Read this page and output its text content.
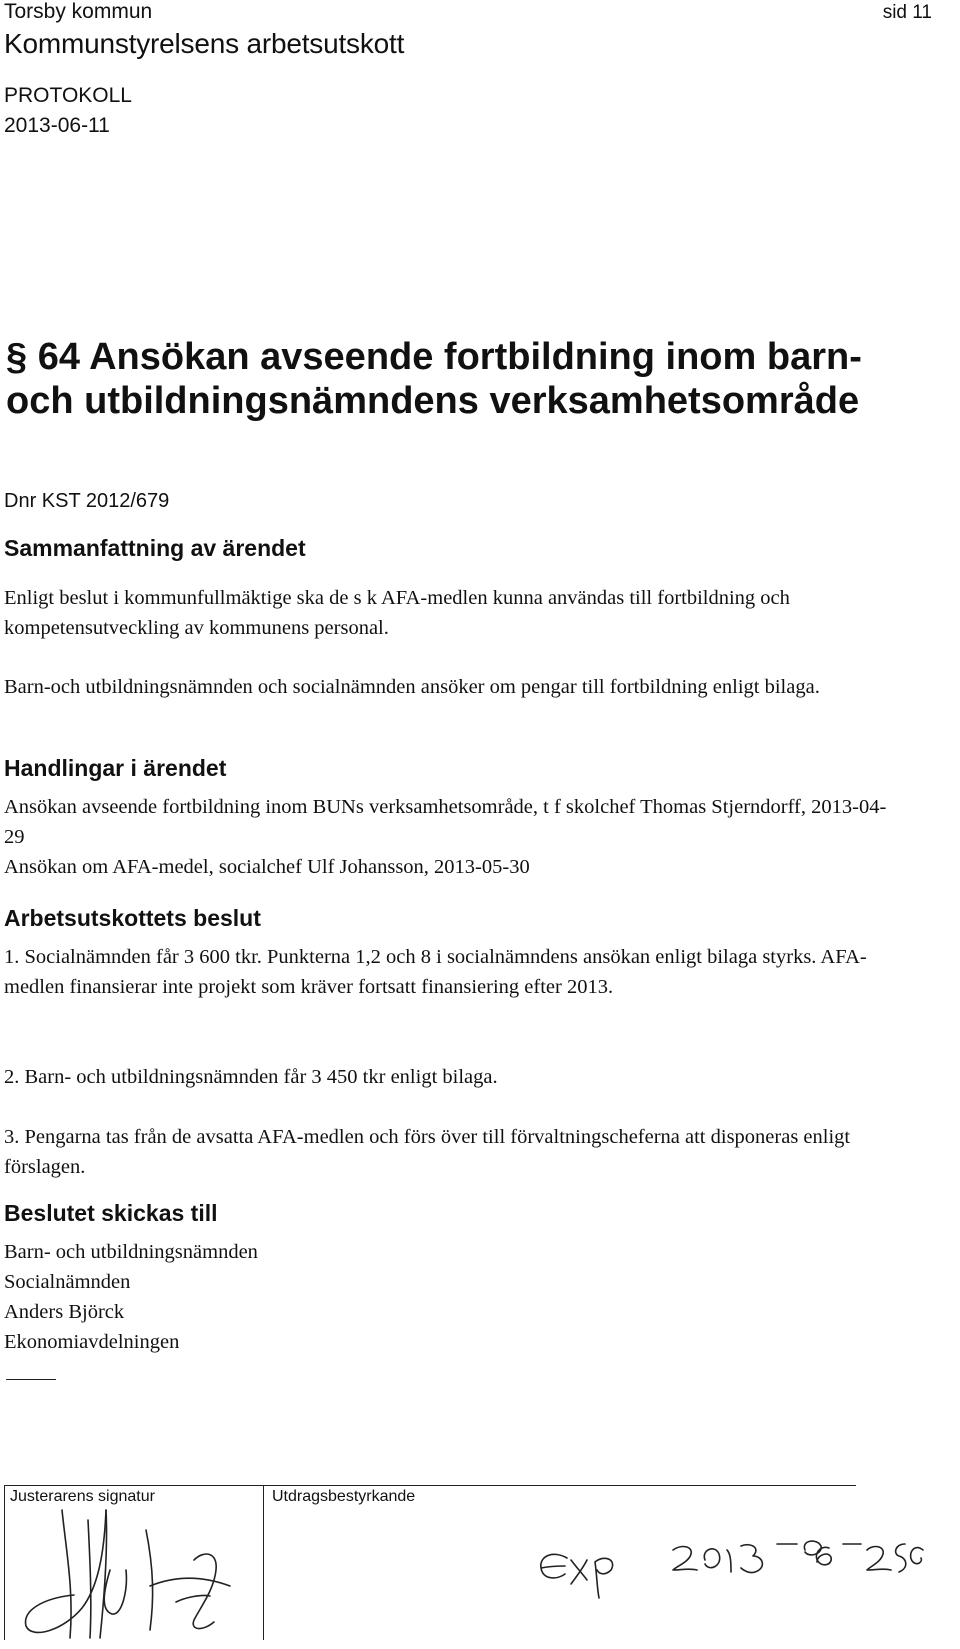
Torsby kommun	sid 11
Kommunstyrelsens arbetsutskott
PROTOKOLL
2013-06-11
§ 64 Ansökan avseende fortbildning inom barn- och utbildningsnämndens verksamhetsområde
Dnr KST 2012/679
Sammanfattning av ärendet

Enligt beslut i kommunfullmäktige ska de s k AFA-medlen kunna användas till fortbildning och kompetensutveckling av kommunens personal.

Barn-och utbildningsnämnden och socialnämnden ansöker om pengar till fortbildning enligt bilaga.

Handlingar i ärendet

Ansökan avseende fortbildning inom BUNs verksamhetsområde, t f skolchef Thomas Stjerndorff, 2013-04-29

Ansökan om AFA-medel, socialchef Ulf Johansson, 2013-05-30

Arbetsutskottets beslut

1. Socialnämnden får 3 600 tkr. Punkterna 1,2 och 8 i socialnämndens ansökan enligt bilaga styrks. AFA-medlen finansierar inte projekt som kräver fortsatt finansiering efter 2013.

2. Barn- och utbildningsnämnden får 3 450 tkr enligt bilaga.

3. Pengarna tas från de avsatta AFA-medlen och förs över till förvaltningscheferna att disponeras enligt förslagen.

Beslutet skickas till
Barn- och utbildningsnämnden
Socialnämnden
Anders Björck
Ekonomiavdelningen
Justerarens signatur	Utdragsbestyrkande
